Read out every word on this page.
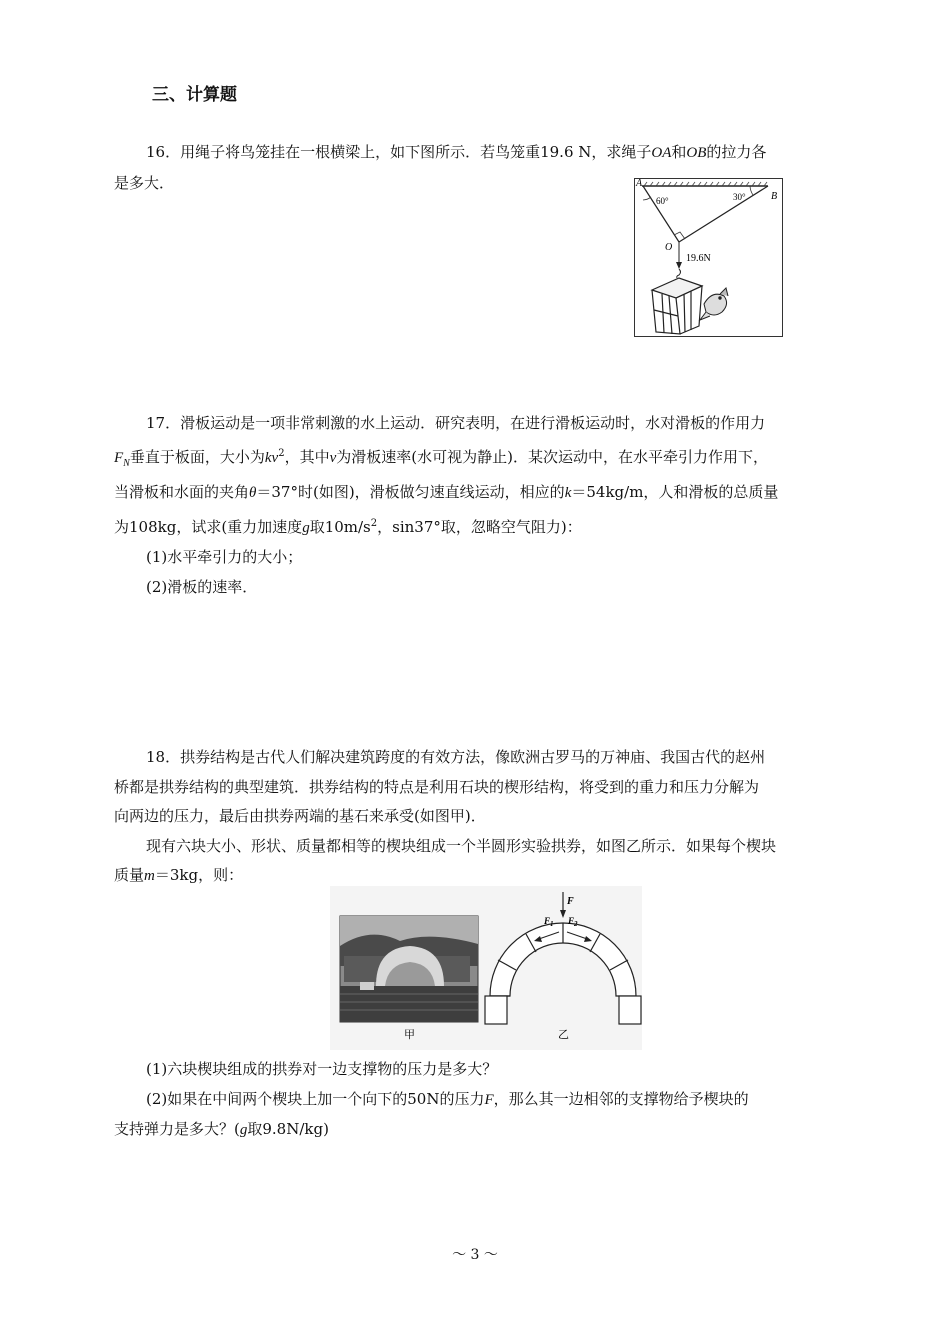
三、计算题

16．用绳子将鸟笼挂在一根横梁上，如下图所示．若鸟笼重19.6 N，求绳子OA和OB的拉力各

是多大．	A
B
O
60°	30°
19.6N

17．滑板运动是一项非常刺激的水上运动．研究表明，在进行滑板运动时，水对滑板的作用力

$F_N$垂直于板面，大小为$kv^2$，其中v为滑板速率(水可视为静止)．某次运动中，在水平牵引力作用下，

当滑板和水面的夹角θ＝37°时(如图)，滑板做匀速直线运动，相应的k＝54kg/m，人和滑板的总质量

为108kg，试求(重力加速度g取$10m/s^2$，sin37°取，忽略空气阻力)：

(1)水平牵引力的大小；

(2)滑板的速率．

18．拱券结构是古代人们解决建筑跨度的有效方法，像欧洲古罗马的万神庙、我国古代的赵州

桥都是拱券结构的典型建筑．拱券结构的特点是利用石块的楔形结构，将受到的重力和压力分解为

向两边的压力，最后由拱券两端的基石来承受(如图甲)．

现有六块大小、形状、质量都相等的楔块组成一个半圆形实验拱券，如图乙所示．如果每个楔块

质量m＝3kg，则：

甲
F
$F_1$ $F_2$
乙

(1)六块楔块组成的拱券对一边支撑物的压力是多大？

(2)如果在中间两个楔块上加一个向下的50N的压力F，那么其一边相邻的支撑物给予楔块的

支持弹力是多大？(g取9.8N/kg)

～ 3 ～
